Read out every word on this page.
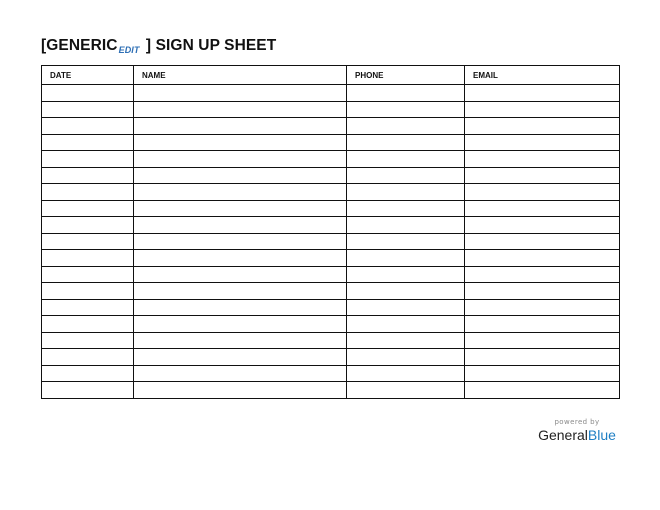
[GENERICEDIT ] SIGN UP SHEET
DATE	NAME	PHONE	EMAIL

powered by
GeneralBlue
